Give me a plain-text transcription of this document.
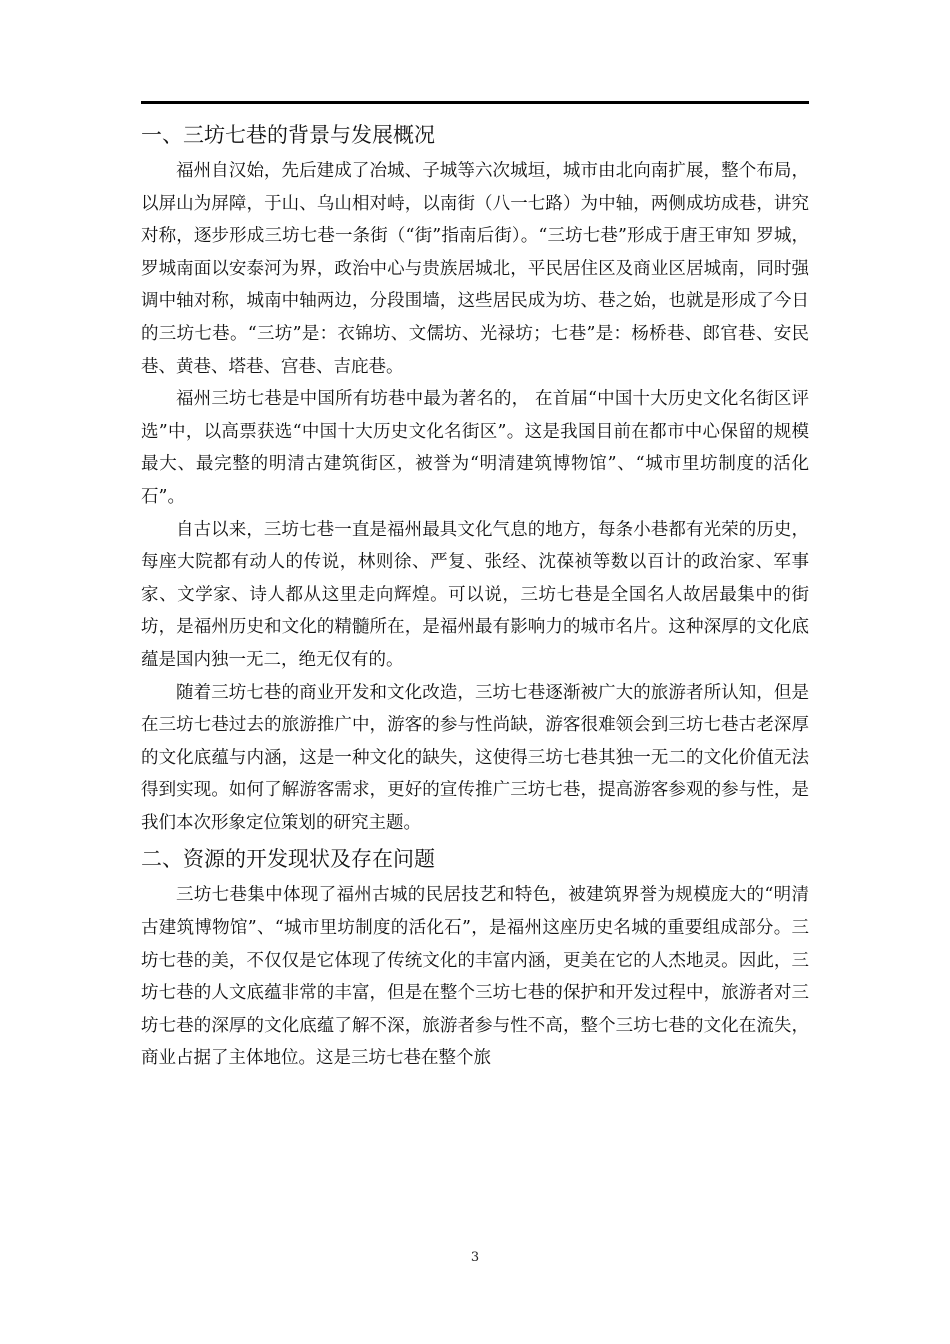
一、三坊七巷的背景与发展概况

福州自汉始，先后建成了冶城、子城等六次城垣，城市由北向南扩展，整个布局，以屏山为屏障，于山、乌山相对峙，以南街（八一七路）为中轴，两侧成坊成巷，讲究对称，逐步形成三坊七巷一条街（“街”指南后街）。“三坊七巷”形成于唐王审知 罗城，罗城南面以安泰河为界，政治中心与贵族居城北，平民居住区及商业区居城南，同时强调中轴对称，城南中轴两边，分段围墙，这些居民成为坊、巷之始，也就是形成了今日的三坊七巷。“三坊”是：衣锦坊、文儒坊、光禄坊；七巷”是：杨桥巷、郎官巷、安民巷、黄巷、塔巷、宫巷、吉庇巷。

福州三坊七巷是中国所有坊巷中最为著名的， 在首届“中国十大历史文化名街区评选”中，以高票获选“中国十大历史文化名街区”。这是我国目前在都市中心保留的规模最大、最完整的明清古建筑街区，被誉为“明清建筑博物馆”、“城市里坊制度的活化石”。

自古以来，三坊七巷一直是福州最具文化气息的地方，每条小巷都有光荣的历史，每座大院都有动人的传说，林则徐、严复、张经、沈葆祯等数以百计的政治家、军事家、文学家、诗人都从这里走向辉煌。可以说，三坊七巷是全国名人故居最集中的街坊，是福州历史和文化的精髓所在，是福州最有影响力的城市名片。这种深厚的文化底蕴是国内独一无二，绝无仅有的。

随着三坊七巷的商业开发和文化改造，三坊七巷逐渐被广大的旅游者所认知，但是在三坊七巷过去的旅游推广中，游客的参与性尚缺，游客很难领会到三坊七巷古老深厚的文化底蕴与内涵，这是一种文化的缺失，这使得三坊七巷其独一无二的文化价值无法得到实现。如何了解游客需求，更好的宣传推广三坊七巷，提高游客参观的参与性，是我们本次形象定位策划的研究主题。

二、资源的开发现状及存在问题

三坊七巷集中体现了福州古城的民居技艺和特色，被建筑界誉为规模庞大的“明清古建筑博物馆”、“城市里坊制度的活化石”，是福州这座历史名城的重要组成部分。三坊七巷的美，不仅仅是它体现了传统文化的丰富内涵，更美在它的人杰地灵。因此，三坊七巷的人文底蕴非常的丰富，但是在整个三坊七巷的保护和开发过程中，旅游者对三坊七巷的深厚的文化底蕴了解不深，旅游者参与性不高，整个三坊七巷的文化在流失，商业占据了主体地位。这是三坊七巷在整个旅

3
